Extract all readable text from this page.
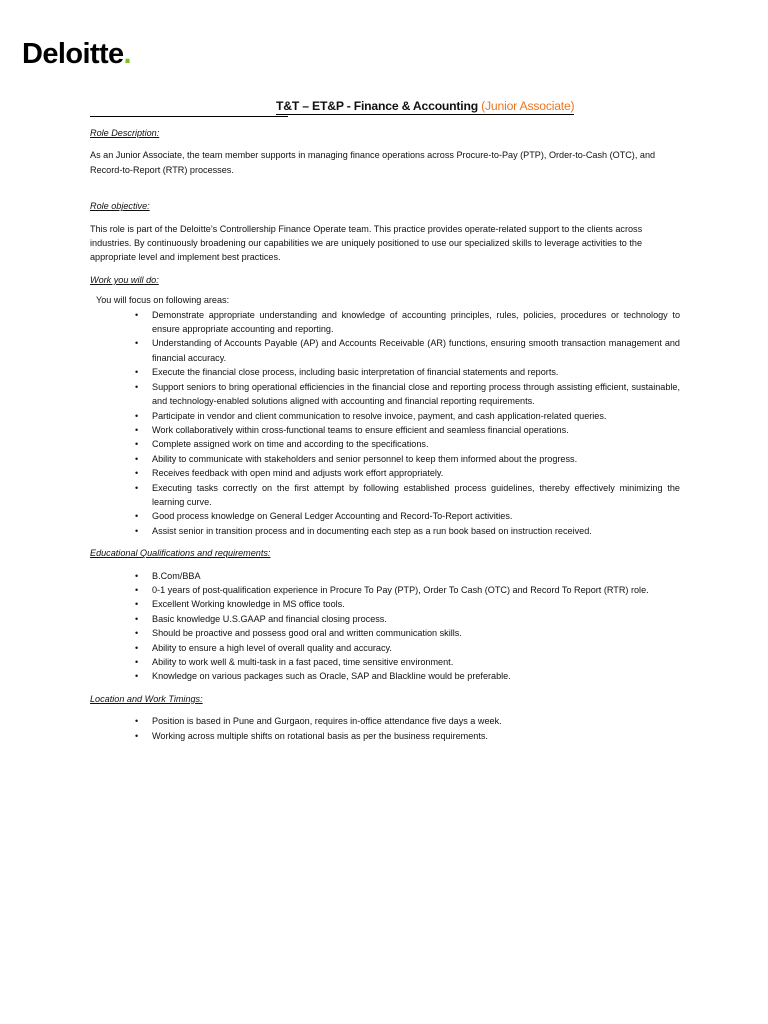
Deloitte.
T&T – ET&P - Finance & Accounting (Junior Associate)

Role Description:

As an Junior Associate, the team member supports in managing finance operations across Procure-to-Pay (PTP), Order-to-Cash (OTC), and Record-to-Report (RTR) processes.

Role objective:

This role is part of the Deloitte’s Controllership Finance Operate team. This practice provides operate-related support to the clients across industries. By continuously broadening our capabilities we are uniquely positioned to use our specialized skills to leverage activities to the appropriate level and implement best practices.

Work you will do:

You will focus on following areas:

• Demonstrate appropriate understanding and knowledge of accounting principles, rules, policies, procedures or technology to ensure appropriate accounting and reporting.
• Understanding of Accounts Payable (AP) and Accounts Receivable (AR) functions, ensuring smooth transaction management and financial accuracy.
• Execute the financial close process, including basic interpretation of financial statements and reports.
• Support seniors to bring operational efficiencies in the financial close and reporting process through assisting efficient, sustainable, and technology-enabled solutions aligned with accounting and financial reporting requirements.
• Participate in vendor and client communication to resolve invoice, payment, and cash application-related queries.
• Work collaboratively within cross-functional teams to ensure efficient and seamless financial operations.
• Complete assigned work on time and according to the specifications.
• Ability to communicate with stakeholders and senior personnel to keep them informed about the progress.
• Receives feedback with open mind and adjusts work effort appropriately.
• Executing tasks correctly on the first attempt by following established process guidelines, thereby effectively minimizing the learning curve.
• Good process knowledge on General Ledger Accounting and Record-To-Report activities.
• Assist senior in transition process and in documenting each step as a run book based on instruction received.

Educational Qualifications and requirements:

• B.Com/BBA
• 0-1 years of post-qualification experience in Procure To Pay (PTP), Order To Cash (OTC) and Record To Report (RTR) role.
• Excellent Working knowledge in MS office tools.
• Basic knowledge U.S.GAAP and financial closing process.
• Should be proactive and possess good oral and written communication skills.
• Ability to ensure a high level of overall quality and accuracy.
• Ability to work well & multi-task in a fast paced, time sensitive environment.
• Knowledge on various packages such as Oracle, SAP and Blackline would be preferable.

Location and Work Timings:

• Position is based in Pune and Gurgaon, requires in-office attendance five days a week.
• Working across multiple shifts on rotational basis as per the business requirements.
